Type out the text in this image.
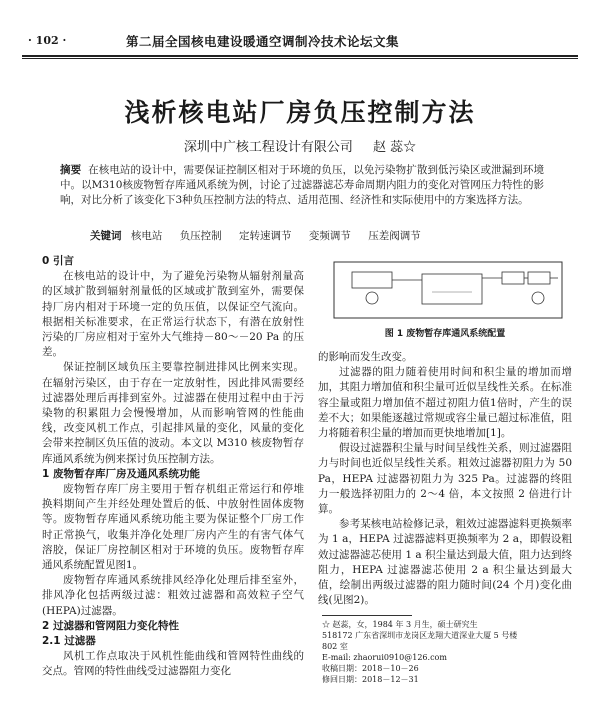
· 102 ·	第二届全国核电建设暖通空调制冷技术论坛文集
浅析核电站厂房负压控制方法
深圳中广核工程设计有限公司 赵 蕊☆
摘要 在核电站的设计中，需要保证控制区相对于环境的负压，以免污染物扩散到低污染区或泄漏到环境中。以M310核废物暂存库通风系统为例，讨论了过滤器滤芯寿命周期内阻力的变化对管网压力特性的影响，对比分析了该变化下3种负压控制方法的特点、适用范围、经济性和实际使用中的方案选择方法。
关键词 核电站 负压控制 定转速调节 变频调节 压差阀调节
0 引言

在核电站的设计中，为了避免污染物从辐射剂量高的区域扩散到辐射剂量低的区域或扩散到室外，需要保持厂房内相对于环境一定的负压值，以保证空气流向。根据相关标准要求，在正常运行状态下，有潜在放射性污染的厂房应相对于室外大气维持－80～－20 Pa 的压差。

保证控制区域负压主要靠控制进排风比例来实现。在辐射污染区，由于存在一定放射性，因此排风需要经过滤器处理后再排到室外。过滤器在使用过程中由于污染物的积累阻力会慢慢增加，从而影响管网的性能曲线，改变风机工作点，引起排风量的变化，风量的变化会带来控制区负压值的波动。本文以 M310 核废物暂存库通风系统为例来探讨负压控制方法。

1 废物暂存库厂房及通风系统功能

废物暂存库厂房主要用于暂存机组正常运行和停堆换料期间产生并经处理处置后的低、中放射性固体废物等。废物暂存库通风系统功能主要为保证整个厂房工作时正常换气，收集并净化处理厂房内产生的有害气体气溶胶，保证厂房控制区相对于环境的负压。废物暂存库通风系统配置见图1。

废物暂存库通风系统排风经净化处理后排至室外，排风净化包括两级过滤：粗效过滤器和高效粒子空气(HEPA)过滤器。

2 过滤器和管网阻力变化特性
2.1 过滤器

风机工作点取决于风机性能曲线和管网特性曲线的交点。管网的特性曲线受过滤器阻力变化

图 1 废物暂存库通风系统配置

的影响而发生改变。

过滤器的阻力随着使用时间和积尘量的增加而增加，其阻力增加值和积尘量可近似呈线性关系。在标准容尘量或阻力增加值不超过初阻力值1倍时，产生的误差不大；如果能逐越过常规或容尘量已超过标准值，阻力将随着积尘量的增加而更快地增加[1]。

假设过滤器积尘量与时间呈线性关系，则过滤器阻力与时间也近似呈线性关系。粗效过滤器初阻力为 50 Pa，HEPA 过滤器初阻力为 325 Pa。过滤器的终阻力一般选择初阻力的 2～4 倍，本文按照 2 倍进行计算。

参考某核电站检修记录，粗效过滤器滤料更换频率为 1 a，HEPA 过滤器滤料更换频率为 2 a，即假设粗效过滤器滤芯使用 1 a 积尘量达到最大值，阻力达到终阻力，HEPA 过滤器滤芯使用 2 a 积尘量达到最大值，绘制出两级过滤器的阻力随时间(24 个月)变化曲线(见图2)。

☆ 赵蕊，女，1984 年 3 月生，硕士研究生
518172 广东省深圳市龙岗区龙翔大道深业大厦 5 号楼
802 室
E-mail: zhaorui0910@126.com
收稿日期：2018－10－26
修回日期：2018－12－31
